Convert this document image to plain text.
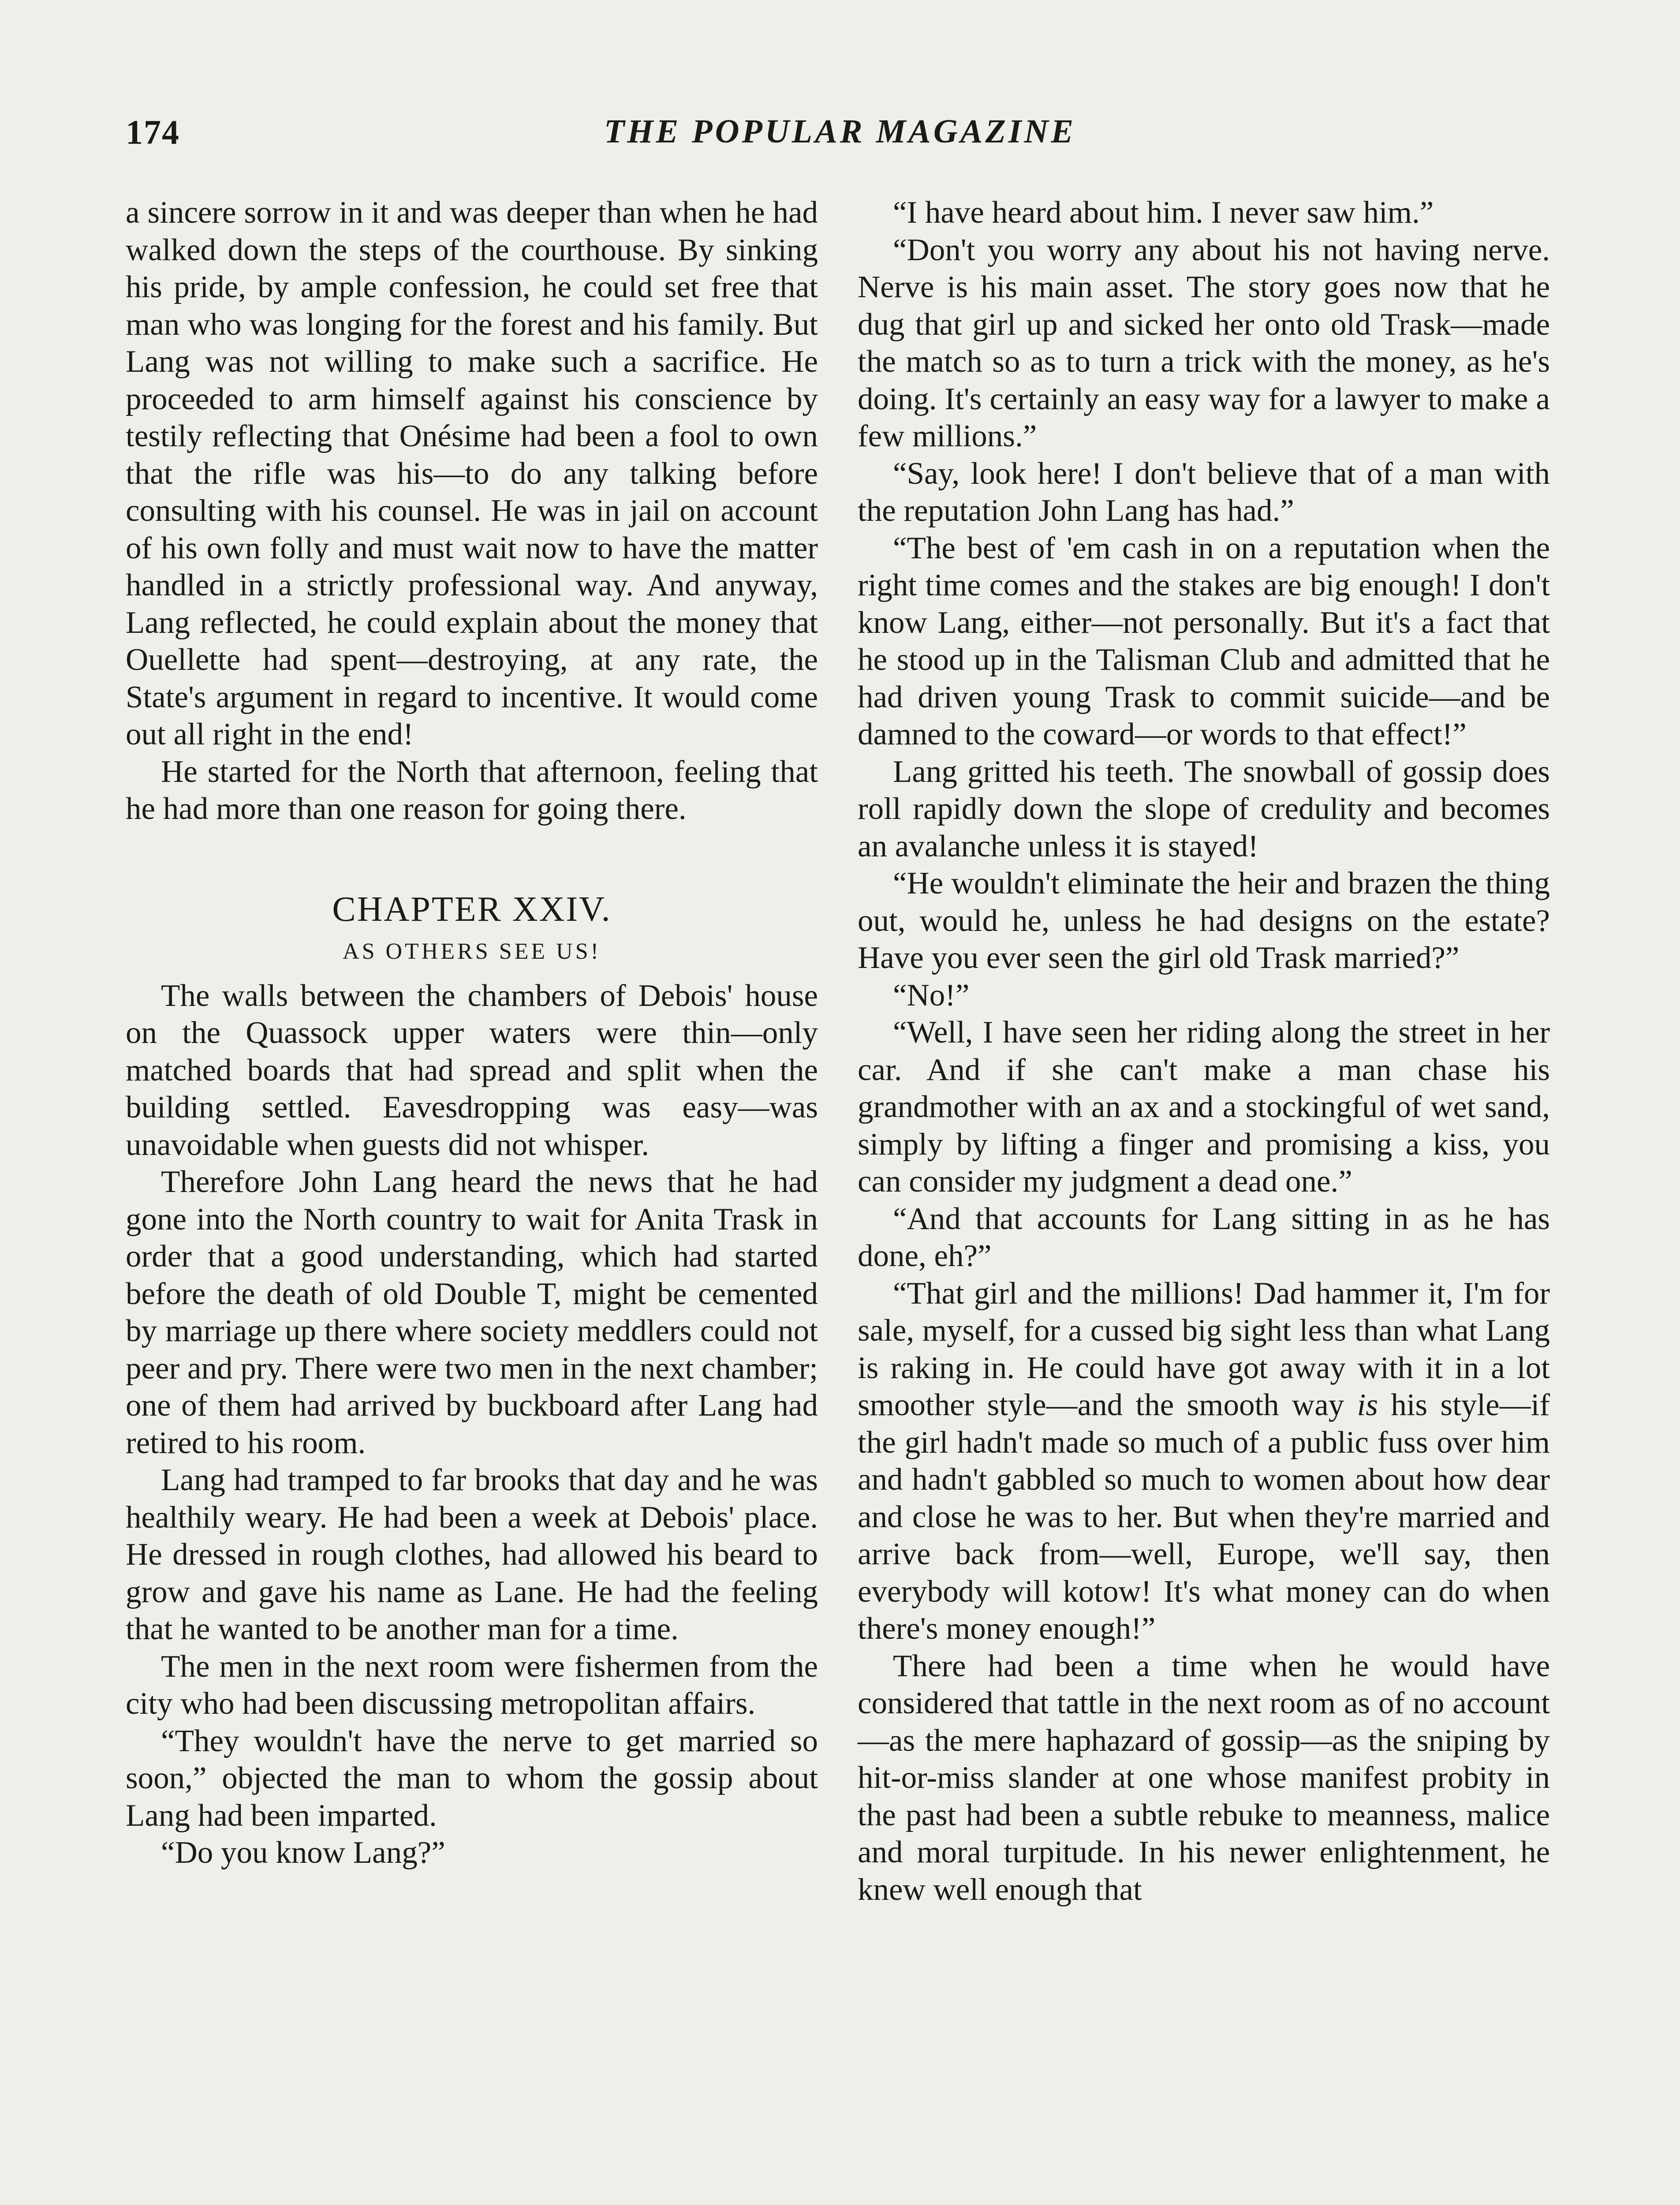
174	THE POPULAR MAGAZINE

a sincere sorrow in it and was deeper than when he had walked down the steps of the courthouse. By sinking his pride, by ample confession, he could set free that man who was longing for the forest and his family. But Lang was not willing to make such a sacrifice. He proceeded to arm himself against his conscience by testily reflecting that Onésime had been a fool to own that the rifle was his—to do any talking before consulting with his counsel. He was in jail on account of his own folly and must wait now to have the matter handled in a strictly professional way. And anyway, Lang reflected, he could explain about the money that Ouellette had spent—destroying, at any rate, the State's argument in regard to incentive. It would come out all right in the end!

He started for the North that afternoon, feeling that he had more than one reason for going there.

CHAPTER XXIV.
AS OTHERS SEE US!

The walls between the chambers of Debois' house on the Quassock upper waters were thin—only matched boards that had spread and split when the building settled. Eavesdropping was easy—was unavoidable when guests did not whisper.

Therefore John Lang heard the news that he had gone into the North country to wait for Anita Trask in order that a good understanding, which had started before the death of old Double T, might be cemented by marriage up there where society meddlers could not peer and pry. There were two men in the next chamber; one of them had arrived by buckboard after Lang had retired to his room.

Lang had tramped to far brooks that day and he was healthily weary. He had been a week at Debois' place. He dressed in rough clothes, had allowed his beard to grow and gave his name as Lane. He had the feeling that he wanted to be another man for a time.

The men in the next room were fishermen from the city who had been discussing metropolitan affairs.

“They wouldn't have the nerve to get married so soon,” objected the man to whom the gossip about Lang had been imparted.

“Do you know Lang?”

“I have heard about him. I never saw him.”

“Don't you worry any about his not having nerve. Nerve is his main asset. The story goes now that he dug that girl up and sicked her onto old Trask—made the match so as to turn a trick with the money, as he's doing. It's certainly an easy way for a lawyer to make a few millions.”

“Say, look here! I don't believe that of a man with the reputation John Lang has had.”

“The best of 'em cash in on a reputation when the right time comes and the stakes are big enough! I don't know Lang, either—not personally. But it's a fact that he stood up in the Talisman Club and admitted that he had driven young Trask to commit suicide—and be damned to the coward—or words to that effect!”

Lang gritted his teeth. The snowball of gossip does roll rapidly down the slope of credulity and becomes an avalanche unless it is stayed!

“He wouldn't eliminate the heir and brazen the thing out, would he, unless he had designs on the estate? Have you ever seen the girl old Trask married?”

“No!”

“Well, I have seen her riding along the street in her car. And if she can't make a man chase his grandmother with an ax and a stockingful of wet sand, simply by lifting a finger and promising a kiss, you can consider my judgment a dead one.”

“And that accounts for Lang sitting in as he has done, eh?”

“That girl and the millions! Dad hammer it, I'm for sale, myself, for a cussed big sight less than what Lang is raking in. He could have got away with it in a lot smoother style—and the smooth way is his style—if the girl hadn't made so much of a public fuss over him and hadn't gabbled so much to women about how dear and close he was to her. But when they're married and arrive back from—well, Europe, we'll say, then everybody will kotow! It's what money can do when there's money enough!”

There had been a time when he would have considered that tattle in the next room as of no account—as the mere haphazard of gossip—as the sniping by hit-or-miss slander at one whose manifest probity in the past had been a subtle rebuke to meanness, malice and moral turpitude. In his newer enlightenment, he knew well enough that
